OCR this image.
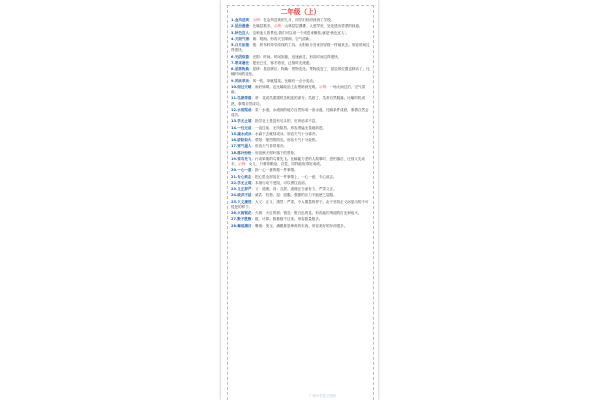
二年级（上）
1.金风送爽：示例：在金风送爽的九月，同学们纷纷回到了学校。
2.层层叠叠：比喻层数多。示例：山林层层叠叠，人迹罕至，处处透出蒙蒙的绿意。
3.秋色宜人：这种迷人的景色,我们可以用一个成语来概括,就是'秋色宜人'。
4.天朗气清：朗：明朗。形容天空晴朗，空气清新。
5.日月如梭：梭：织布时牵引纬线的工具。太阳和月亮来回穿梭一样地来去。形容时间过得很快。
6.光阴似箭：光阴：时间。时间如箭，迅速而过。形容时间过得很快。
7.寒来暑往：夏至已过，寒冬将至，泛指时光流逝。
8.星移物换：星移：星辰移位；物换：景物变化。景物改变了，星辰的位置也移动了。比喻时间的变化。
9.风吹草动：风一吹，草就摇晃。比喻有一点小变动。
10.雨过天晴：雨后转晴。也比喻政治上由黑暗到光明。示例：一场大雨过后，空气清新。
11.瓜熟蒂落：蒂：花或瓜果跟枝茎相连的部分。瓜熟了，瓜蒂自然脱落。比喻时机成熟，事情自然成功。
12.水到渠成：渠：水道。水流到的地方自然形成一条水道。比喻条件成熟，事情自然会成功。
13.学无止境：指学业上是没有尽头的，应该追求不息。
14.一往无前：一直往前，无所阻挡。形容勇猛无畏地前进。
15.滴水成冰：水滴下去就结成冰。形容天气十分寒冷。
16.骄阳似火：骄阳：强烈的阳光。形容天气十分炎热。
17.寒气逼人：形容天气非常寒冷。
18.落叶纷纷：形容秋天树叶落下的景象。
19.笨鸟先飞：行动笨拙的鸟要先飞。比喻能力差的人做事时，恐怕落后，比别人先动手。示例：女儿，只要你勤奋，自觉，同样能取得好成绩。
20.一心一意：指一心一意的做一件事情。
21.专心致志：把心思全部放在一件事情上，一心一意，专心致志。
22.学无止境：本指行动不受阻，可以勇往直前。
23.义正辞严：义：道理。词：言辞。道理正当而有力，严肃义正。
24.威武不屈：威武：权势。屈：屈服。强暴的压力不能使之屈服。
25.大义凛然：大义：正义；凛然：严肃，令人敬畏的样子。由于坚持正义而显出的不可侵犯的样子。
26.火树银花：火树：火红的树；银花：银白色的花。形容灿烂绚丽的灯光和焰火。
27.数不胜数：数，计算。数都数不过来。形容数量极多。
28.琳琅满目：琳琅：美玉。满眼都是珍贵的东西。形容美好的东西很多。
广州小学语文知识
